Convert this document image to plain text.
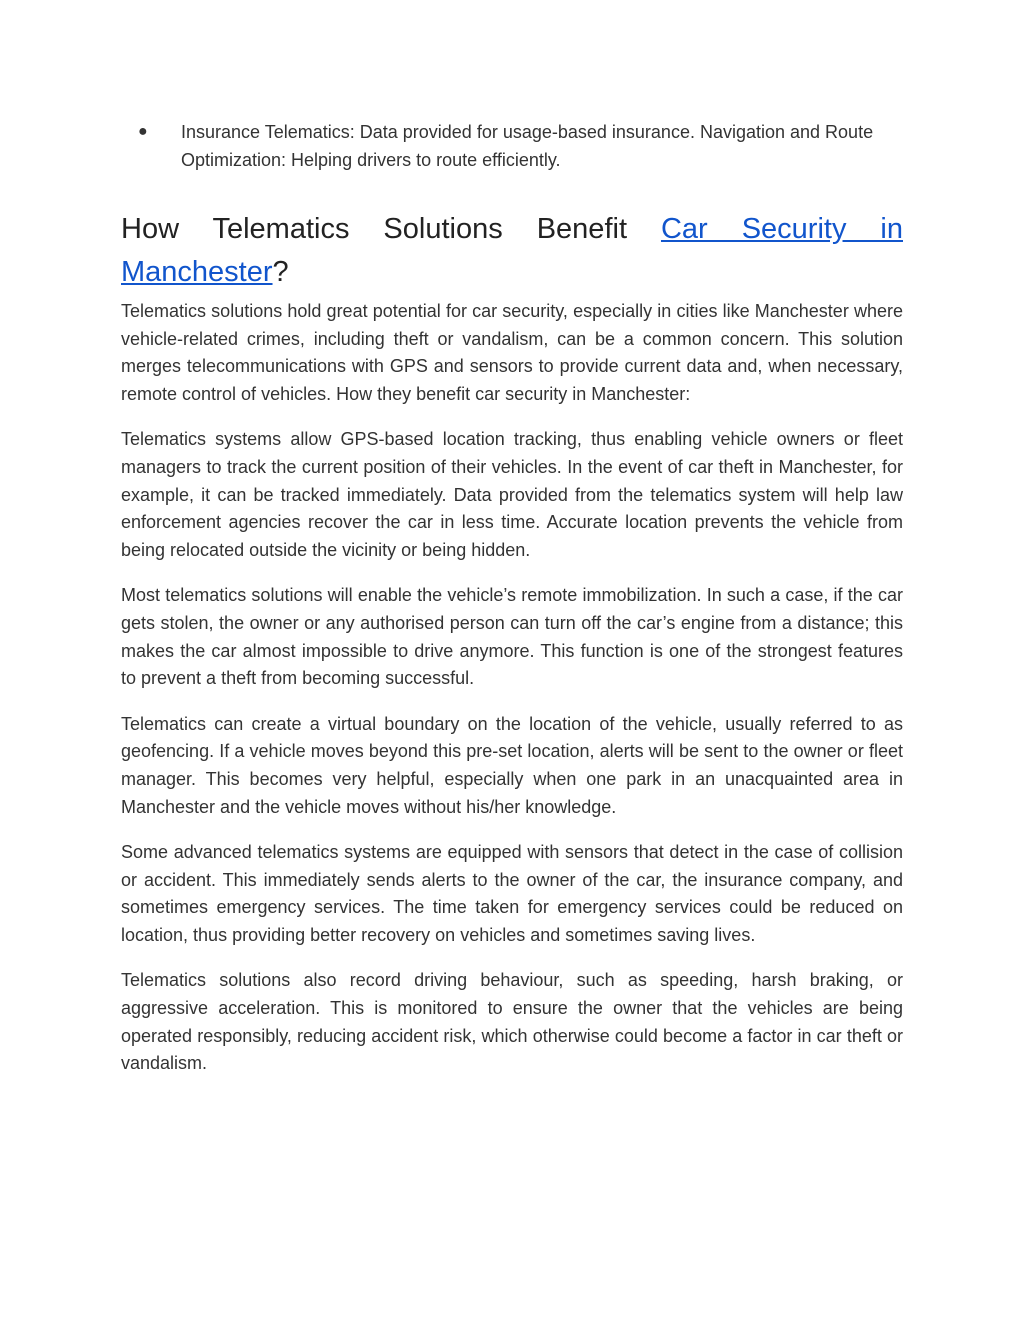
● Insurance Telematics: Data provided for usage-based insurance. Navigation and Route Optimization: Helping drivers to route efficiently.
How Telematics Solutions Benefit Car Security in Manchester?

Telematics solutions hold great potential for car security, especially in cities like Manchester where vehicle-related crimes, including theft or vandalism, can be a common concern. This solution merges telecommunications with GPS and sensors to provide current data and, when necessary, remote control of vehicles. How they benefit car security in Manchester:

Telematics systems allow GPS-based location tracking, thus enabling vehicle owners or fleet managers to track the current position of their vehicles. In the event of car theft in Manchester, for example, it can be tracked immediately. Data provided from the telematics system will help law enforcement agencies recover the car in less time. Accurate location prevents the vehicle from being relocated outside the vicinity or being hidden.

Most telematics solutions will enable the vehicle’s remote immobilization. In such a case, if the car gets stolen, the owner or any authorised person can turn off the car’s engine from a distance; this makes the car almost impossible to drive anymore. This function is one of the strongest features to prevent a theft from becoming successful.

Telematics can create a virtual boundary on the location of the vehicle, usually referred to as geofencing. If a vehicle moves beyond this pre-set location, alerts will be sent to the owner or fleet manager. This becomes very helpful, especially when one park in an unacquainted area in Manchester and the vehicle moves without his/her knowledge.

Some advanced telematics systems are equipped with sensors that detect in the case of collision or accident. This immediately sends alerts to the owner of the car, the insurance company, and sometimes emergency services. The time taken for emergency services could be reduced on location, thus providing better recovery on vehicles and sometimes saving lives.

Telematics solutions also record driving behaviour, such as speeding, harsh braking, or aggressive acceleration. This is monitored to ensure the owner that the vehicles are being operated responsibly, reducing accident risk, which otherwise could become a factor in car theft or vandalism.
